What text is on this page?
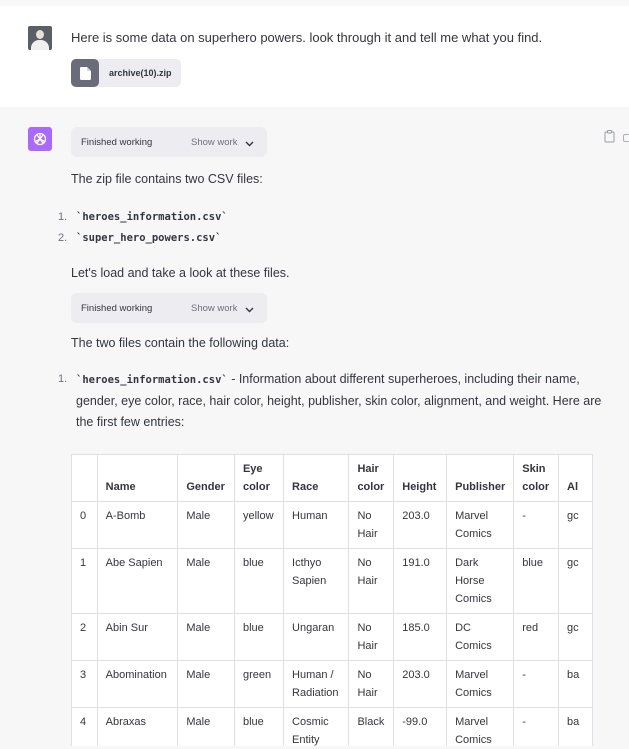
Here is some data on superhero powers. look through it and tell me what you find.
archive(10).zip
Finished working	Show work
The zip file contains two CSV files:
1. `heroes_information.csv`
2. `super_hero_powers.csv`
Let's load and take a look at these files.
Finished working	Show work
The two files contain the following data:
1. `heroes_information.csv` - Information about different superheroes, including their name, gender, eye color, race, hair color, height, publisher, skin color, alignment, and weight. Here are the first few entries:
	Name	Gender	Eye color	Race	Hair color	Height	Publisher	Skin color	Al
0	A-Bomb	Male	yellow	Human	No Hair	203.0	Marvel Comics	-	gc
1	Abe Sapien	Male	blue	Icthyo Sapien	No Hair	191.0	Dark Horse Comics	blue	gc
2	Abin Sur	Male	blue	Ungaran	No Hair	185.0	DC Comics	red	gc
3	Abomination	Male	green	Human / Radiation	No Hair	203.0	Marvel Comics	-	ba
4	Abraxas	Male	blue	Cosmic Entity	Black	-99.0	Marvel Comics	-	ba
